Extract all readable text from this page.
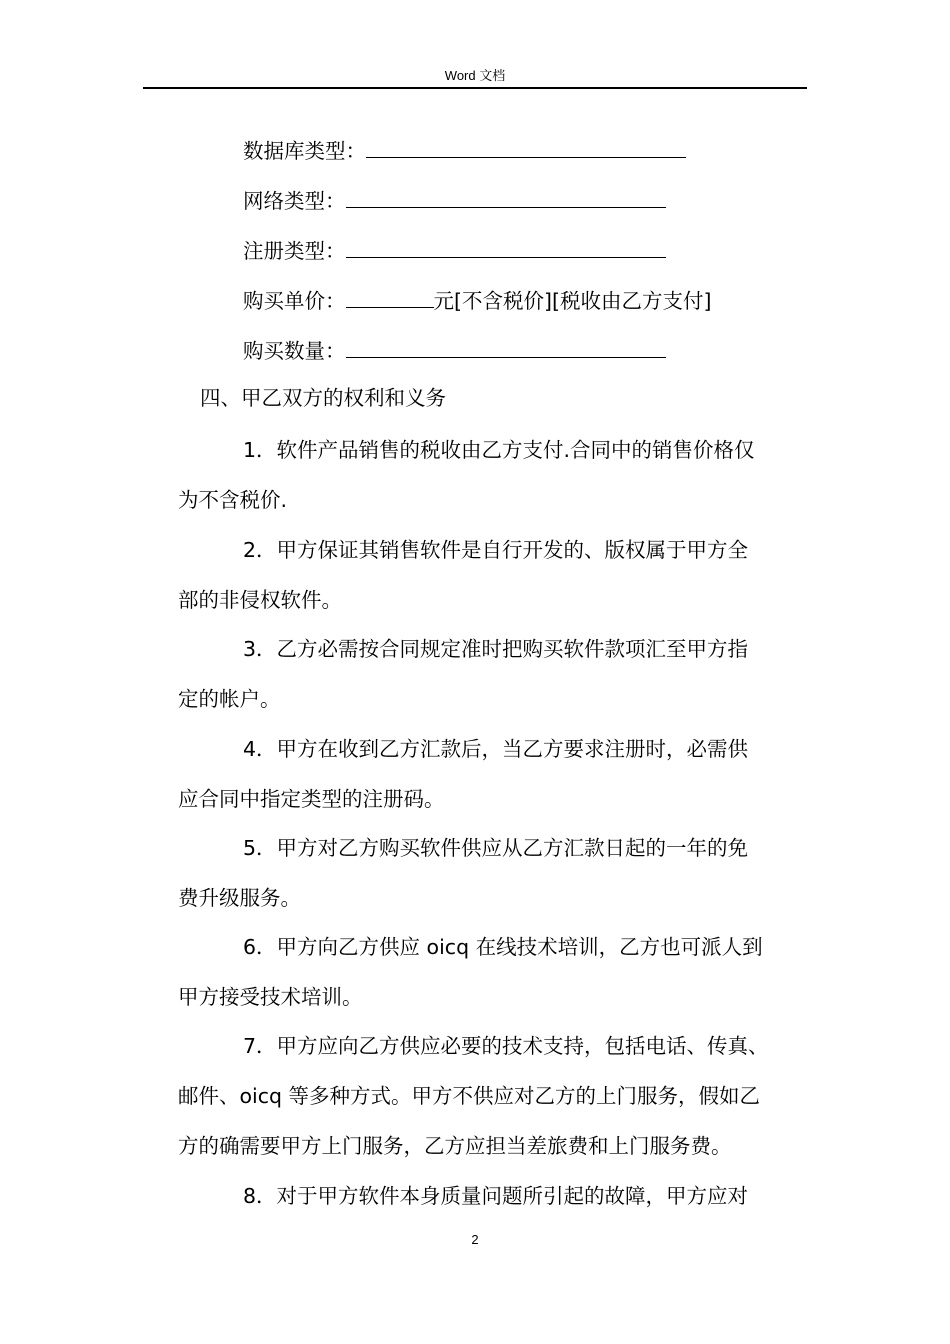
Word 文档
数据库类型：
网络类型：
注册类型：
购买单价：	元[不含税价][税收由乙方支付]
购买数量：
四、甲乙双方的权利和义务
1．软件产品销售的税收由乙方支付.合同中的销售价格仅
为不含税价.
2．甲方保证其销售软件是自行开发的、版权属于甲方全
部的非侵权软件。
3．乙方必需按合同规定准时把购买软件款项汇至甲方指
定的帐户。
4．甲方在收到乙方汇款后，当乙方要求注册时，必需供
应合同中指定类型的注册码。
5．甲方对乙方购买软件供应从乙方汇款日起的一年的免
费升级服务。
6．甲方向乙方供应 oicq 在线技术培训，乙方也可派人到
甲方接受技术培训。
7．甲方应向乙方供应必要的技术支持，包括电话、传真、
邮件、oicq 等多种方式。甲方不供应对乙方的上门服务，假如乙
方的确需要甲方上门服务，乙方应担当差旅费和上门服务费。
8．对于甲方软件本身质量问题所引起的故障，甲方应对
2
